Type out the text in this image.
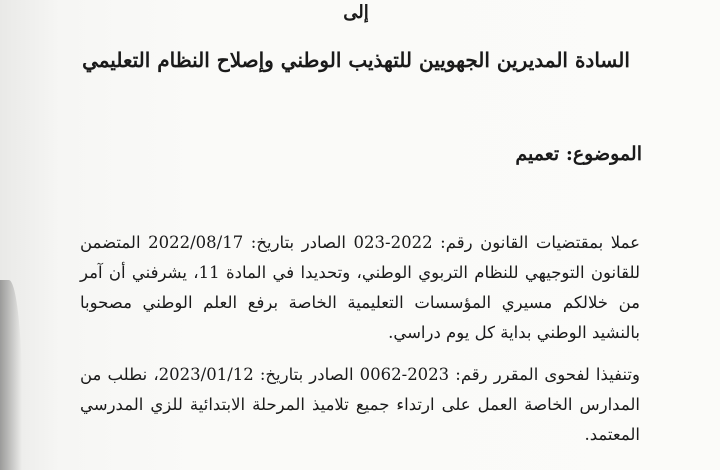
إلى
السادة المديرين الجهويين للتهذيب الوطني وإصلاح النظام التعليمي
الموضوع: تعميم

عملا بمقتضيات القانون رقم: 2022-023 الصادر بتاريخ: 2022/08/17 المتضمن للقانون التوجيهي للنظام التربوي الوطني، وتحديدا في المادة 11، يشرفني أن آمر من خلالكم مسيري المؤسسات التعليمية الخاصة برفع العلم الوطني مصحوبا بالنشيد الوطني بداية كل يوم دراسي.

وتنفيذا لفحوى المقرر رقم: 2023-0062 الصادر بتاريخ: 2023/01/12، نطلب من المدارس الخاصة العمل على ارتداء جميع تلاميذ المرحلة الابتدائية للزي المدرسي المعتمد.
